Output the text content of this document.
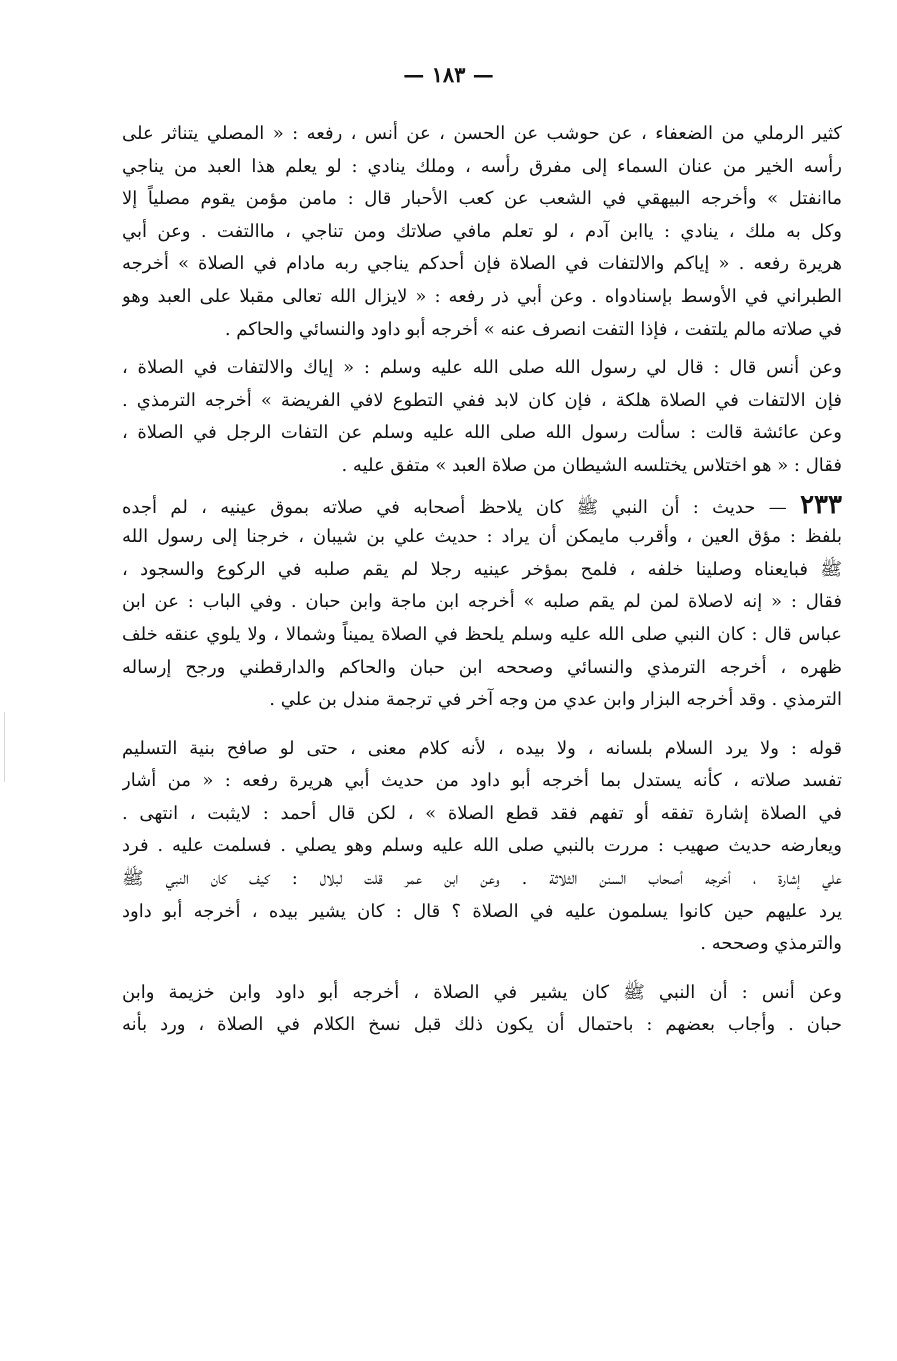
— ١٨٣ —
كثير الرملي من الضعفاء ، عن حوشب عن الحسن ، عن أنس ، رفعه : « المصلي يتناثر على
رأسه الخير من عنان السماء إلى مفرق رأسه ، وملك ينادي : لو يعلم هذا العبد من يناجي
ماانفتل » وأخرجه البيهقي في الشعب عن كعب الأحبار قال : مامن مؤمن يقوم مصلياً إلا
وكل به ملك ، ينادي : ياابن آدم ، لو تعلم مافي صلاتك ومن تناجي ، ماالتفت . وعن أبي
هريرة رفعه . « إياكم والالتفات في الصلاة فإن أحدكم يناجي ربه مادام في الصلاة » أخرجه
الطبراني في الأوسط بإسنادواه . وعن أبي ذر رفعه : « لايزال الله تعالى مقبلا على العبد وهو
في صلاته مالم يلتفت ، فإذا التفت انصرف عنه » أخرجه أبو داود والنسائي والحاكم .
وعن أنس قال : قال لي رسول الله صلى الله عليه وسلم : « إياك والالتفات في الصلاة ،
فإن الالتفات في الصلاة هلكة ، فإن كان لابد ففي التطوع لافي الفريضة » أخرجه الترمذي .
وعن عائشة قالت : سألت رسول الله صلى الله عليه وسلم عن التفات الرجل في الصلاة ،
فقال : « هو اختلاس يختلسه الشيطان من صلاة العبد » متفق عليه .
٢٣٣ — حديث : أن النبي ﷺ كان يلاحظ أصحابه في صلاته بموق عينيه ، لم أجده
بلفظ : مؤق العين ، وأقرب مايمكن أن يراد : حديث علي بن شيبان ، خرجنا إلى رسول الله
ﷺ فبايعناه وصلينا خلفه ، فلمح بمؤخر عينيه رجلا لم يقم صلبه في الركوع والسجود ،
فقال : « إنه لاصلاة لمن لم يقم صلبه » أخرجه ابن ماجة وابن حبان . وفي الباب : عن ابن
عباس قال : كان النبي صلى الله عليه وسلم يلحظ في الصلاة يميناً وشمالا ، ولا يلوي عنقه خلف
ظهره ، أخرجه الترمذي والنسائي وصححه ابن حبان والحاكم والدارقطني ورجح إرساله
الترمذي . وقد أخرجه البزار وابن عدي من وجه آخر في ترجمة مندل بن علي .
قوله : ولا يرد السلام بلسانه ، ولا بيده ، لأنه كلام معنى ، حتى لو صافح بنية التسليم
تفسد صلاته ، كأنه يستدل بما أخرجه أبو داود من حديث أبي هريرة رفعه : « من أشار
في الصلاة إشارة تفقه أو تفهم فقد قطع الصلاة » ، لكن قال أحمد : لايثبت ، انتهى .
ويعارضه حديث صهيب : مررت بالنبي صلى الله عليه وسلم وهو يصلي . فسلمت عليه . فرد
علي إشارة ، أخرجه أصحاب السنن الثلاثة . وعن ابن عمر قلت لبلال : كيف كان النبي ﷺ
يرد عليهم حين كانوا يسلمون عليه في الصلاة ؟ قال : كان يشير بيده ، أخرجه أبو داود
والترمذي وصححه .
وعن أنس : أن النبي ﷺ كان يشير في الصلاة ، أخرجه أبو داود وابن خزيمة وابن
حبان . وأجاب بعضهم : باحتمال أن يكون ذلك قبل نسخ الكلام في الصلاة ، ورد بأنه
